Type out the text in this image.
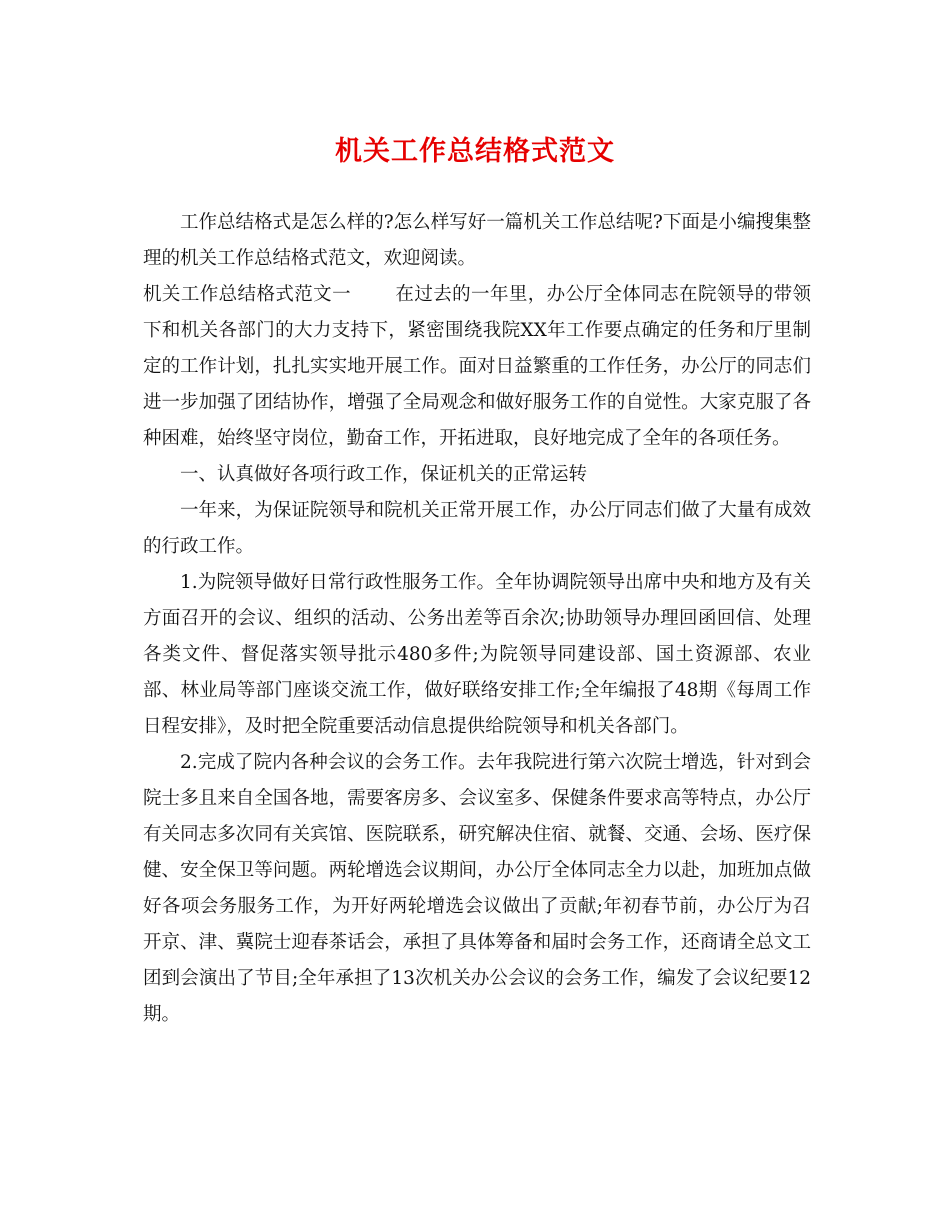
机关工作总结格式范文

工作总结格式是怎么样的?怎么样写好一篇机关工作总结呢?下面是小编搜集整理的机关工作总结格式范文，欢迎阅读。

机关工作总结格式范文一 在过去的一年里，办公厅全体同志在院领导的带领下和机关各部门的大力支持下，紧密围绕我院XX年工作要点确定的任务和厅里制定的工作计划，扎扎实实地开展工作。面对日益繁重的工作任务，办公厅的同志们进一步加强了团结协作，增强了全局观念和做好服务工作的自觉性。大家克服了各种困难，始终坚守岗位，勤奋工作，开拓进取，良好地完成了全年的各项任务。

一、认真做好各项行政工作，保证机关的正常运转

一年来，为保证院领导和院机关正常开展工作，办公厅同志们做了大量有成效的行政工作。

1.为院领导做好日常行政性服务工作。全年协调院领导出席中央和地方及有关方面召开的会议、组织的活动、公务出差等百余次;协助领导办理回函回信、处理各类文件、督促落实领导批示480多件;为院领导同建设部、国土资源部、农业部、林业局等部门座谈交流工作，做好联络安排工作;全年编报了48期《每周工作日程安排》，及时把全院重要活动信息提供给院领导和机关各部门。

2.完成了院内各种会议的会务工作。去年我院进行第六次院士增选，针对到会院士多且来自全国各地，需要客房多、会议室多、保健条件要求高等特点，办公厅有关同志多次同有关宾馆、医院联系，研究解决住宿、就餐、交通、会场、医疗保健、安全保卫等问题。两轮增选会议期间，办公厅全体同志全力以赴，加班加点做好各项会务服务工作，为开好两轮增选会议做出了贡献;年初春节前，办公厅为召开京、津、冀院士迎春茶话会，承担了具体筹备和届时会务工作，还商请全总文工团到会演出了节目;全年承担了13次机关办公会议的会务工作，编发了会议纪要12期。
